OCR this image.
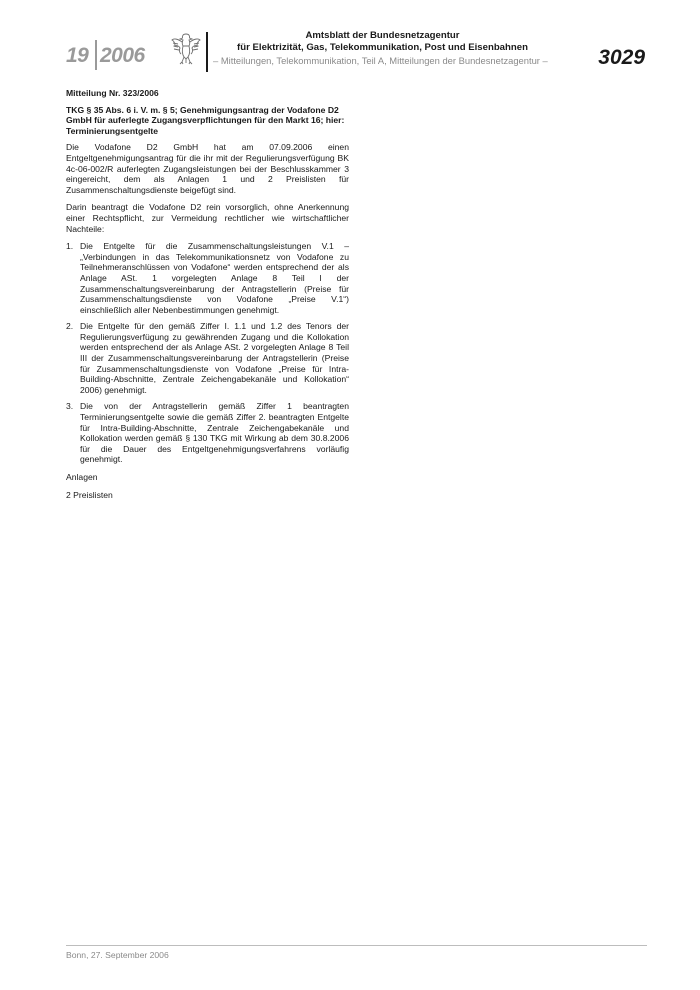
19 2006
Amtsblatt der Bundesnetzagentur
für Elektrizität, Gas, Telekommunikation, Post und Eisenbahnen
– Mitteilungen, Telekommunikation, Teil A, Mitteilungen der Bundesnetzagentur –	3029

Mitteilung Nr. 323/2006

TKG § 35 Abs. 6 i. V. m. § 5; Genehmigungsantrag der Vodafone D2 GmbH für auferlegte Zugangsverpflichtungen für den Markt 16; hier: Terminierungsentgelte

Die Vodafone D2 GmbH hat am 07.09.2006 einen Entgeltgenehmigungsantrag für die ihr mit der Regulierungsverfügung BK 4c-06-002/R auferlegten Zugangsleistungen bei der Beschlusskammer 3 eingereicht, dem als Anlagen 1 und 2 Preislisten für Zusammenschaltungsdienste beigefügt sind.

Darin beantragt die Vodafone D2 rein vorsorglich, ohne Anerkennung einer Rechtspflicht, zur Vermeidung rechtlicher wie wirtschaftlicher Nachteile:

1. Die Entgelte für die Zusammenschaltungsleistungen V.1 – „Verbindungen in das Telekommunikationsnetz von Vodafone zu Teilnehmeranschlüssen von Vodafone“ werden entsprechend der als Anlage ASt. 1 vorgelegten Anlage 8 Teil I der Zusammenschaltungsvereinbarung der Antragstellerin (Preise für Zusammenschaltungsdienste von Vodafone „Preise V.1“) einschließlich aller Nebenbestimmungen genehmigt.
2. Die Entgelte für den gemäß Ziffer I. 1.1 und 1.2 des Tenors der Regulierungsverfügung zu gewährenden Zugang und die Kollokation werden entsprechend der als Anlage ASt. 2 vorgelegten Anlage 8 Teil III der Zusammenschaltungsvereinbarung der Antragstellerin (Preise für Zusammenschaltungsdienste von Vodafone „Preise für Intra-Building-Abschnitte, Zentrale Zeichengabekanäle und Kollokation“ 2006) genehmigt.
3. Die von der Antragstellerin gemäß Ziffer 1 beantragten Terminierungsentgelte sowie die gemäß Ziffer 2. beantragten Entgelte für Intra-Building-Abschnitte, Zentrale Zeichengabekanäle und Kollokation werden gemäß § 130 TKG mit Wirkung ab dem 30.8.2006 für die Dauer des Entgeltgenehmigungsverfahrens vorläufig genehmigt.

Anlagen

2 Preislisten

Bonn, 27. September 2006
